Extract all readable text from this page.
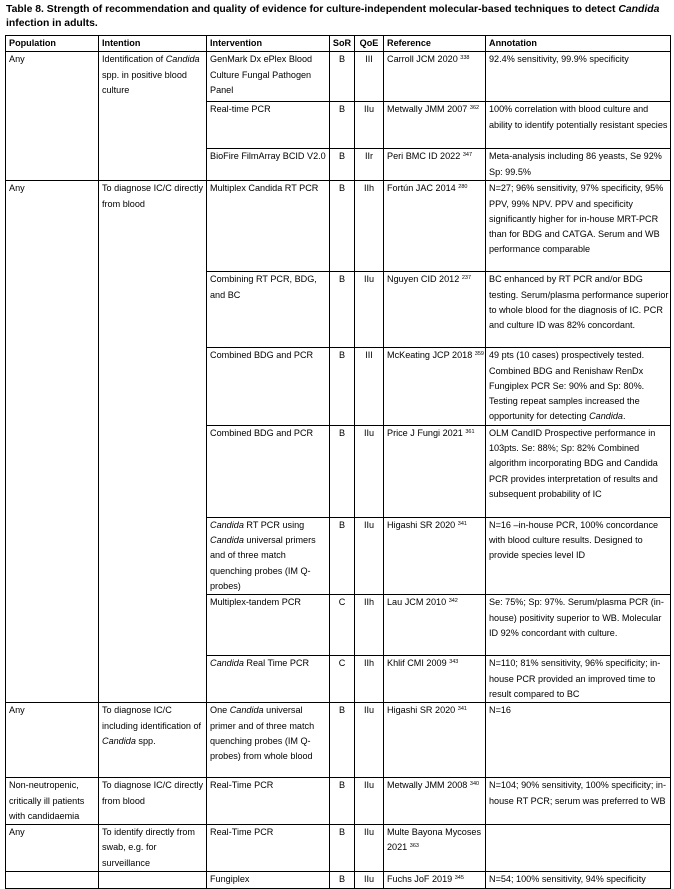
Table 8. Strength of recommendation and quality of evidence for culture-independent molecular-based techniques to detect Candida infection in adults.
Population	Intention	Intervention	SoR	QoE	Reference	Annotation
Any	Identification of Candida spp. in positive blood culture	GenMark Dx ePlex Blood Culture Fungal Pathogen Panel	B	III	Carroll JCM 2020 $^{338}$	92.4% sensitivity, 99.9% specificity
		Real-time PCR	B	IIu	Metwally JMM 2007 $^{362}$	100% correlation with blood culture and ability to identify potentially resistant species
		BioFire FilmArray BCID V2.0	B	IIr	Peri BMC ID 2022 $^{347}$	Meta-analysis including 86 yeasts, Se 92% Sp: 99.5%
Any	To diagnose IC/C directly from blood	Multiplex Candida RT PCR	B	IIh	Fortún JAC 2014 $^{280}$	N=27; 96% sensitivity, 97% specificity, 95% PPV, 99% NPV. PPV and specificity significantly higher for in-house MRT-PCR than for BDG and CATGA. Serum and WB performance comparable
		Combining RT PCR, BDG, and BC	B	IIu	Nguyen CID 2012 $^{237}$	BC enhanced by RT PCR and/or BDG testing. Serum/plasma performance superior to whole blood for the diagnosis of IC. PCR and culture ID was 82% concordant.
		Combined BDG and PCR	B	III	McKeating JCP 2018 $^{359}$	49 pts (10 cases) prospectively tested. Combined BDG and Renishaw RenDx Fungiplex PCR Se: 90% and Sp: 80%. Testing repeat samples increased the opportunity for detecting Candida.
		Combined BDG and PCR	B	IIu	Price J Fungi 2021 $^{361}$	OLM CandID Prospective performance in 103pts. Se: 88%; Sp: 82% Combined algorithm incorporating BDG and Candida PCR provides interpretation of results and subsequent probability of IC
		Candida RT PCR using Candida universal primers and of three match quenching probes (IM Q-probes)	B	IIu	Higashi SR 2020 $^{341}$	N=16 –in-house PCR, 100% concordance with blood culture results. Designed to provide species level ID
		Multiplex-tandem PCR	C	IIh	Lau JCM 2010 $^{342}$	Se: 75%; Sp: 97%. Serum/plasma PCR (in-house) positivity superior to WB. Molecular ID 92% concordant with culture.
		Candida Real Time PCR	C	IIh	Khlif CMI 2009 $^{343}$	N=110; 81% sensitivity, 96% specificity; in-house PCR provided an improved time to result compared to BC
Any	To diagnose IC/C including identification of Candida spp.	One Candida universal primer and of three match quenching probes (IM Q-probes) from whole blood	B	IIu	Higashi SR 2020 $^{341}$	N=16
Non-neutropenic, critically ill patients with candidaemia	To diagnose IC/C directly from blood	Real-Time PCR	B	IIu	Metwally JMM 2008 $^{340}$	N=104; 90% sensitivity, 100% specificity; in-house RT PCR; serum was preferred to WB
Any	To identify directly from swab, e.g. for surveillance	Real-Time PCR	B	IIu	Multe Bayona Mycoses 2021 $^{363}$	
		Fungiplex	B	IIu	Fuchs JoF 2019 $^{345}$	N=54; 100% sensitivity, 94% specificity
